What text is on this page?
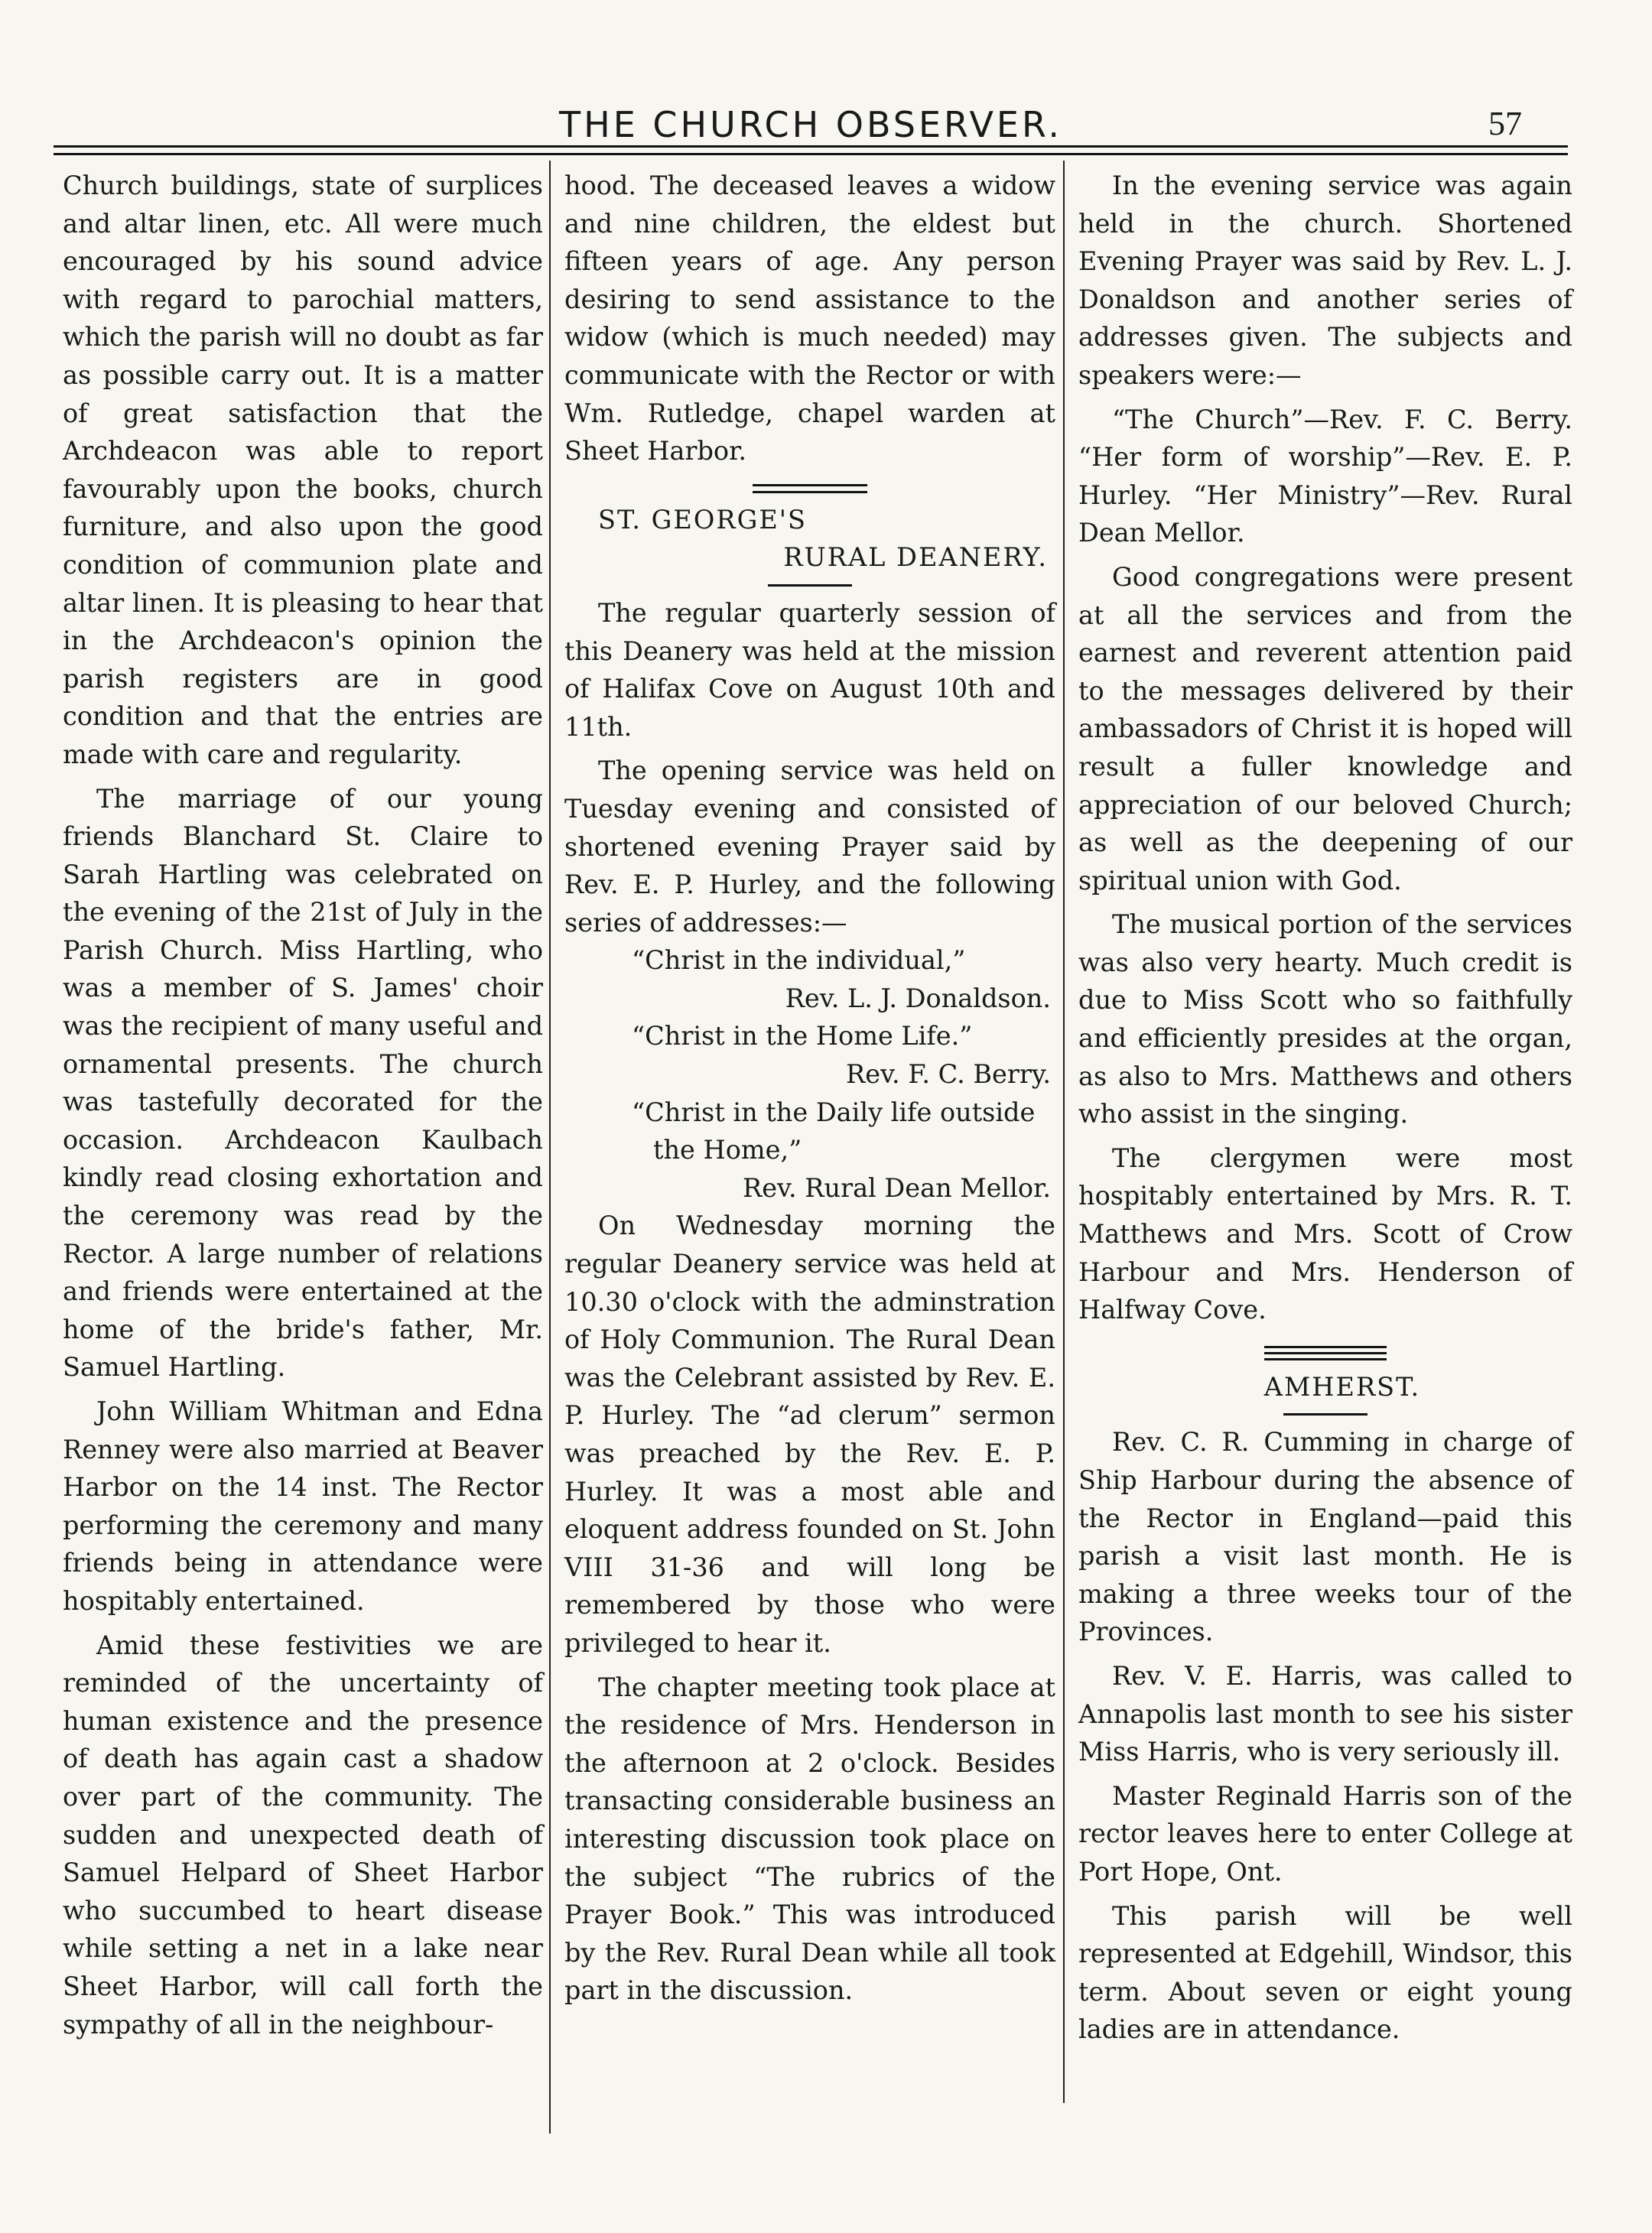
THE CHURCH OBSERVER.	57

Church buildings, state of surplices and altar linen, etc. All were much encouraged by his sound advice with regard to parochial matters, which the parish will no doubt as far as possible carry out. It is a matter of great satisfaction that the Archdeacon was able to report favourably upon the books, church furniture, and also upon the good condition of communion plate and altar linen. It is pleasing to hear that in the Archdeacon's opinion the parish registers are in good condition and that the entries are made with care and regularity.

The marriage of our young friends Blanchard St. Claire to Sarah Hartling was celebrated on the evening of the 21st of July in the Parish Church. Miss Hartling, who was a member of S. James' choir was the recipient of many useful and ornamental presents. The church was tastefully decorated for the occasion. Archdeacon Kaulbach kindly read closing exhortation and the ceremony was read by the Rector. A large number of relations and friends were entertained at the home of the bride's father, Mr. Samuel Hartling.

John William Whitman and Edna Renney were also married at Beaver Harbor on the 14 inst. The Rector performing the ceremony and many friends being in attendance were hospitably entertained.

Amid these festivities we are reminded of the uncertainty of human existence and the presence of death has again cast a shadow over part of the community. The sudden and unexpected death of Samuel Helpard of Sheet Harbor who succumbed to heart disease while setting a net in a lake near Sheet Harbor, will call forth the sympathy of all in the neighbour-

hood. The deceased leaves a widow and nine children, the eldest but fifteen years of age. Any person desiring to send assistance to the widow (which is much needed) may communicate with the Rector or with Wm. Rutledge, chapel warden at Sheet Harbor.

ST. GEORGE'S

RURAL DEANERY.

The regular quarterly session of this Deanery was held at the mission of Halifax Cove on August 10th and 11th.

The opening service was held on Tuesday evening and consisted of shortened evening Prayer said by Rev. E. P. Hurley, and the following series of addresses:—

“Christ in the individual,”

Rev. L. J. Donaldson.

“Christ in the Home Life.”

Rev. F. C. Berry.

“Christ in the Daily life outside

the Home,”

Rev. Rural Dean Mellor.

On Wednesday morning the regular Deanery service was held at 10.30 o'clock with the adminstration of Holy Communion. The Rural Dean was the Celebrant assisted by Rev. E. P. Hurley. The “ad clerum” sermon was preached by the Rev. E. P. Hurley. It was a most able and eloquent address founded on St. John VIII 31-36 and will long be remembered by those who were privileged to hear it.

The chapter meeting took place at the residence of Mrs. Henderson in the afternoon at 2 o'clock. Besides transacting considerable business an interesting discussion took place on the subject “The rubrics of the Prayer Book.” This was introduced by the Rev. Rural Dean while all took part in the discussion.

In the evening service was again held in the church. Shortened Evening Prayer was said by Rev. L. J. Donaldson and another series of addresses given. The subjects and speakers were:—

“The Church”—Rev. F. C. Berry. “Her form of worship”—Rev. E. P. Hurley. “Her Ministry”—Rev. Rural Dean Mellor.

Good congregations were present at all the services and from the earnest and reverent attention paid to the messages delivered by their ambassadors of Christ it is hoped will result a fuller knowledge and appreciation of our beloved Church; as well as the deepening of our spiritual union with God.

The musical portion of the services was also very hearty. Much credit is due to Miss Scott who so faithfully and efficiently presides at the organ, as also to Mrs. Matthews and others who assist in the singing.

The clergymen were most hospitably entertained by Mrs. R. T. Matthews and Mrs. Scott of Crow Harbour and Mrs. Henderson of Halfway Cove.

AMHERST.

Rev. C. R. Cumming in charge of Ship Harbour during the absence of the Rector in England—paid this parish a visit last month. He is making a three weeks tour of the Provinces.

Rev. V. E. Harris, was called to Annapolis last month to see his sister Miss Harris, who is very seriously ill.

Master Reginald Harris son of the rector leaves here to enter College at Port Hope, Ont.

This parish will be well represented at Edgehill, Windsor, this term. About seven or eight young ladies are in attendance.
